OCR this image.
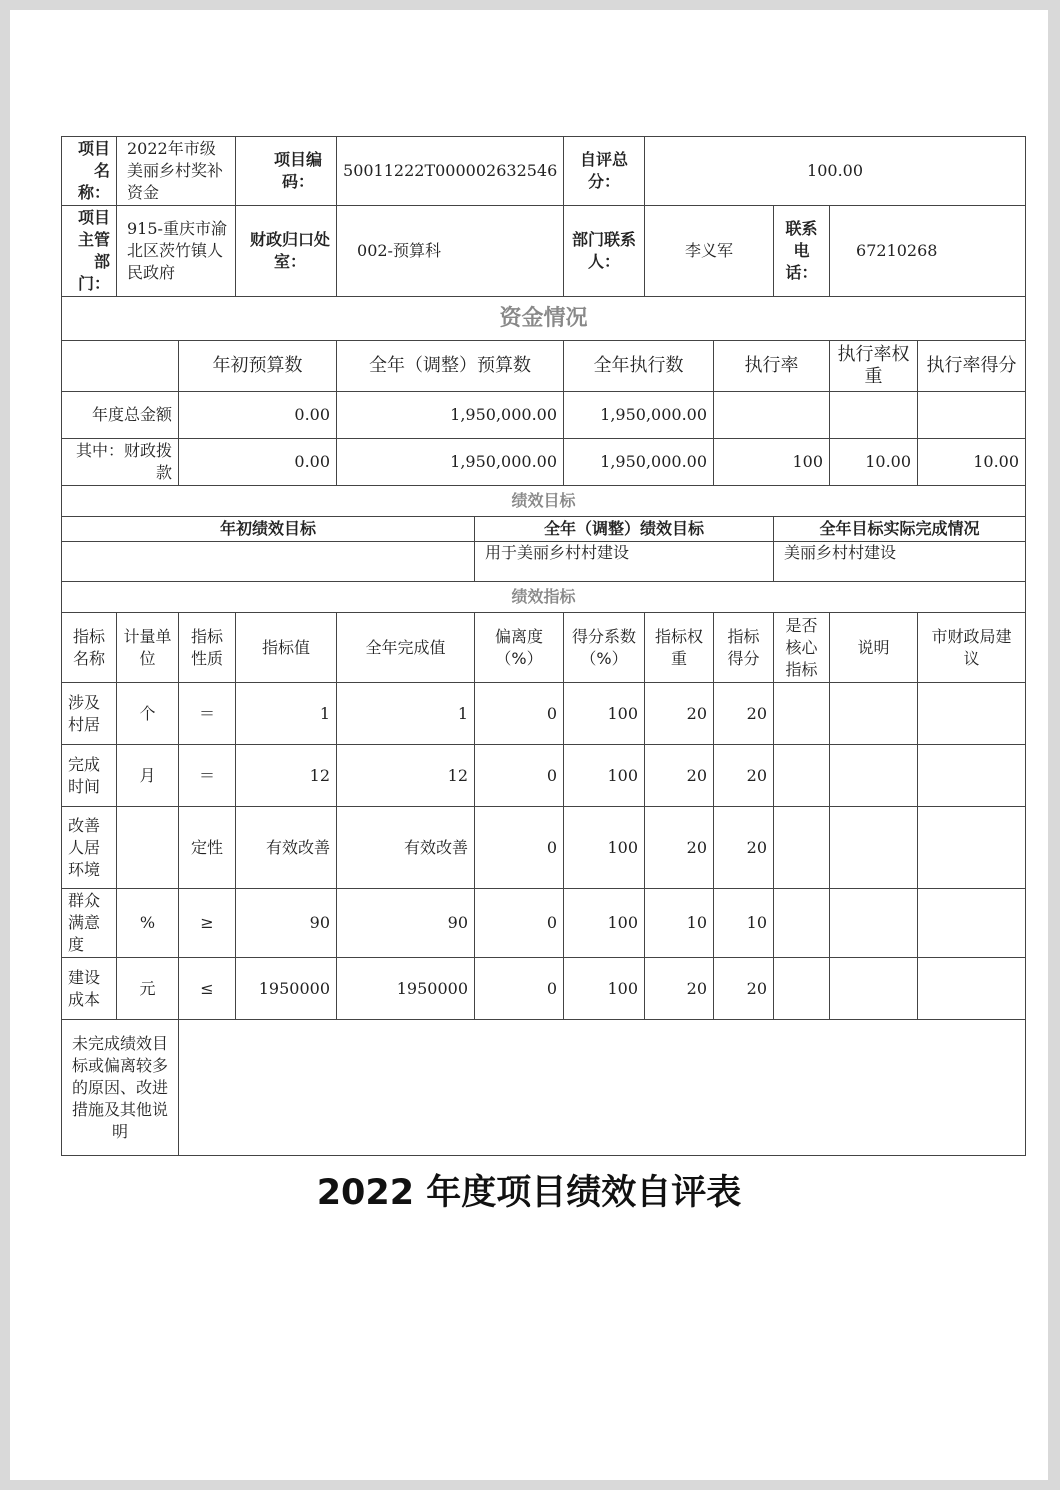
项目名称：	2022年市级美丽乡村奖补资金		项目编码：	50011222T000002632546		自评总分：	100.00				
项目主管部门：	915-重庆市渝北区茨竹镇人民政府		财政归口处室：	002-预算科		部门联系人：	李义军		联系电话：	67210268	
资金情况											
		年初预算数		全年（调整）预算数		全年执行数		执行率		执行率权重	执行率得分
年度总金额		0.00		1,950,000.00		1,950,000.00					
其中：财政拨款		0.00		1,950,000.00		1,950,000.00		100		10.00	10.00
绩效目标											
年初绩效目标					全年（调整）绩效目标				全年目标实际完成情况		
					用于美丽乡村村建设				美丽乡村村建设		
绩效指标											
指标名称	计量单位	指标性质	指标值	全年完成值	偏离度（%）	得分系数（%）	指标权重	指标得分	是否核心指标	说明	市财政局建议
涉及村居	个	＝	1	1	0	100	20	20			
完成时间	月	＝	12	12	0	100	20	20			
改善人居环境		定性	有效改善	有效改善	0	100	20	20			
群众满意度	%	≥	90	90	0	100	10	10			
建设成本	元	≤	1950000	1950000	0	100	20	20			
未完成绩效目标或偏离较多的原因、改进措施及其他说明											
2022 年度项目绩效自评表
